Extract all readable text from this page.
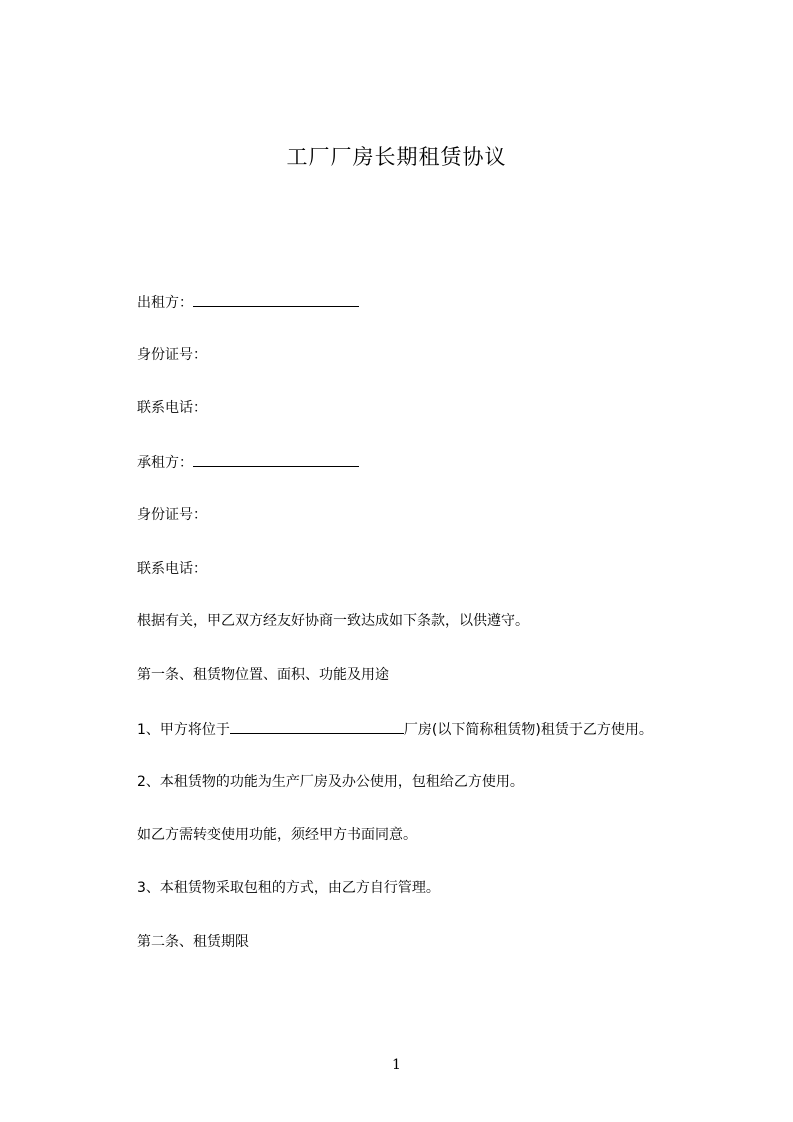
工厂厂房长期租赁协议
出租方：
身份证号：
联系电话：
承租方：
身份证号：
联系电话：
根据有关，甲乙双方经友好协商一致达成如下条款，以供遵守。
第一条、租赁物位置、面积、功能及用途
1、甲方将位于	厂房(以下简称租赁物)租赁于乙方使用。
2、本租赁物的功能为生产厂房及办公使用，包租给乙方使用。
如乙方需转变使用功能，须经甲方书面同意。
3、本租赁物采取包租的方式，由乙方自行管理。
第二条、租赁期限
1
